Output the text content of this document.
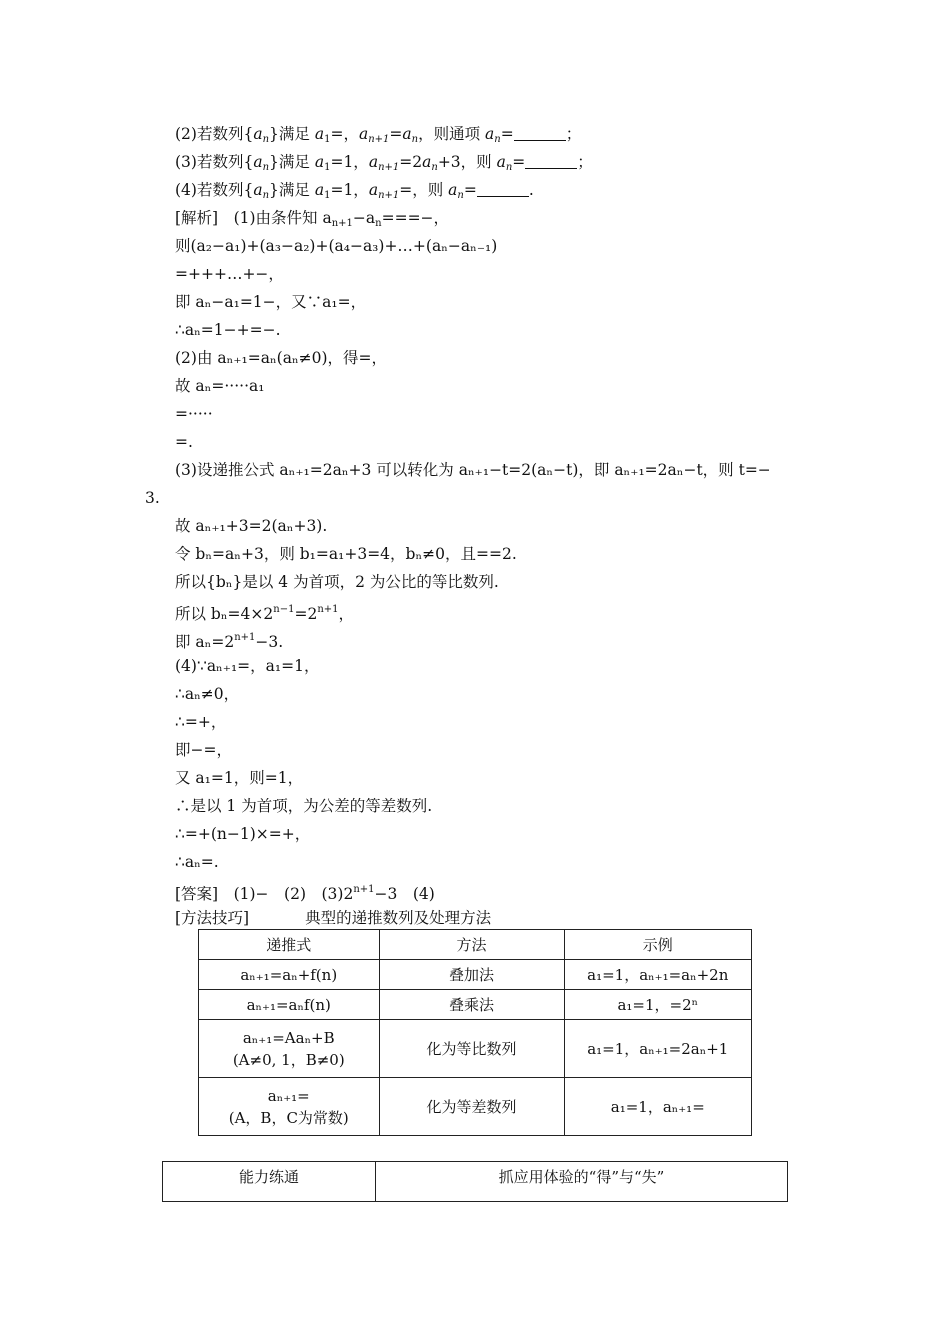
(2)若数列$\{a_n\}$满足 $a_1=$，$a_{n+1}=a_n$，则通项 $a_n=$	；
(3)若数列$\{a_n\}$满足 $a_1=1$，$a_{n+1}=2a_n+3$，则 $a_n=$	；
(4)若数列$\{a_n\}$满足 $a_1=1$，$a_{n+1}=$，则 $a_n=$	.
[解析]　(1)由条件知 $a_{n+1}-a_n===-$，
则(a₂−a₁)+(a₃−a₂)+(a₄−a₃)+…+(aₙ−aₙ₋₁)
=+++…+−，
即 aₙ−a₁=1−，又∵a₁=，
∴aₙ=1−+=−.
(2)由 aₙ₊₁=aₙ(aₙ≠0)，得=，
故 aₙ=·····a₁
=·····
=.
(3)设递推公式 aₙ₊₁=2aₙ+3 可以转化为 aₙ₊₁−t=2(aₙ−t)，即 aₙ₊₁=2aₙ−t，则 t=−
3.
故 aₙ₊₁+3=2(aₙ+3).
令 bₙ=aₙ+3，则 b₁=a₁+3=4，bₙ≠0，且==2.
所以{bₙ}是以 4 为首项，2 为公比的等比数列.
所以 $b_n=4\times 2^{n-1}=2^{n+1}$，
即 $a_n=2^{n+1}-3$.
(4)∵aₙ₊₁=，a₁=1，
∴aₙ≠0，
∴=+，
即−=，
又 a₁=1，则=1，
∴是以 1 为首项，为公差的等差数列.
∴=+(n−1)×=+，
∴aₙ=.
[答案]　(1)−　(2)　$(3)2^{n+1}-3$　(4)
[方法技巧]	典型的递推数列及处理方法
递推式	方法	示例
aₙ₊₁=aₙ+f(n)	叠加法	a₁=1，aₙ₊₁=aₙ+2n
aₙ₊₁=aₙf(n)	叠乘法	a₁=1，=2ⁿ

aₙ₊₁=Aaₙ+B
(A≠0, 1，B≠0)	化为等比数列	a₁=1，aₙ₊₁=2aₙ+1

aₙ₊₁=
(A，B，C为常数)	化为等差数列	a₁=1，aₙ₊₁=
能力练通	抓应用体验的“得”与“失”
